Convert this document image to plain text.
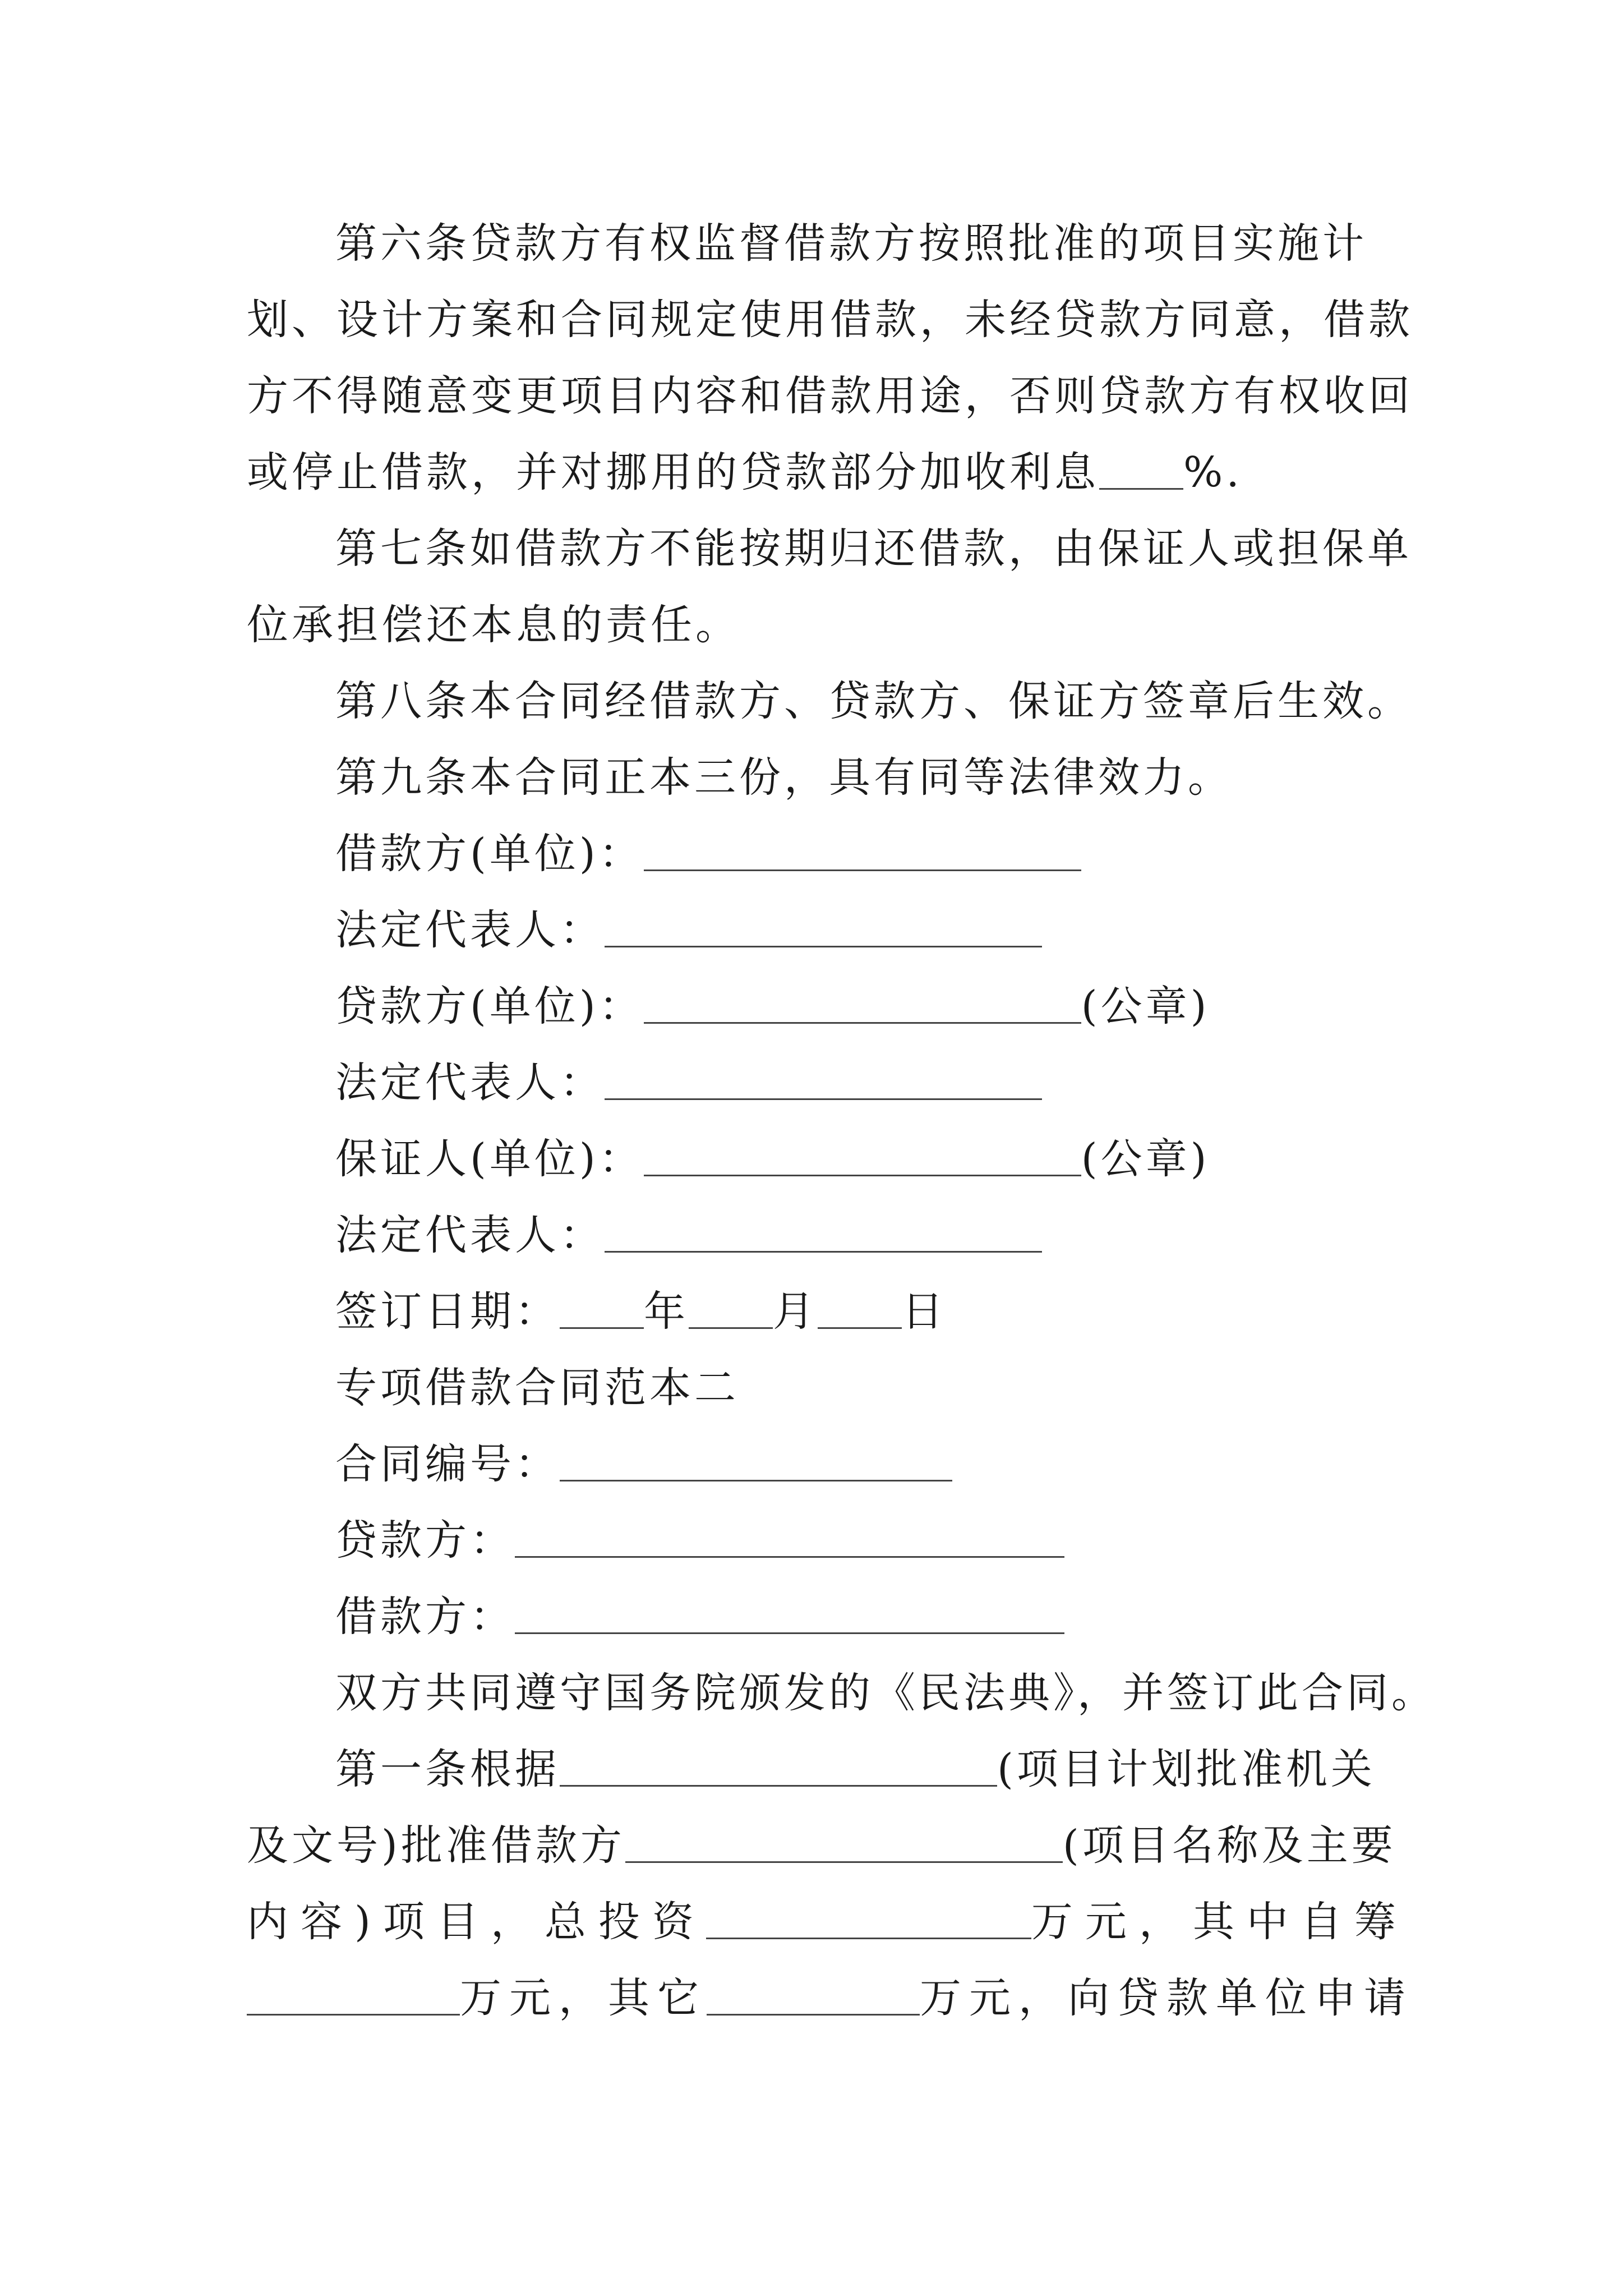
第六条贷款方有权监督借款方按照批准的项目实施计
划、设计方案和合同规定使用借款，未经贷款方同意，借款
方不得随意变更项目内容和借款用途，否则贷款方有权收回
或停止借款，并对挪用的贷款部分加收利息 %.
第七条如借款方不能按期归还借款，由保证人或担保单
位承担偿还本息的责任。
第八条本合同经借款方、贷款方、保证方签章后生效。
第九条本合同正本三份，具有同等法律效力。
借款方(单位)：
法定代表人：
贷款方(单位)：	(公章)
法定代表人：
保证人(单位)：	(公章)
法定代表人：
签订日期： 年 月 日
专项借款合同范本二
合同编号：
贷款方：
借款方：
双方共同遵守国务院颁发的《民法典》，并签订此合同。
第一条根据	(项目计划批准机关
及文号)批准借款方	(项目名称及主要
内容)项目，总投资	万元，其中自筹
万元，其它	万元，向贷款单位申请
